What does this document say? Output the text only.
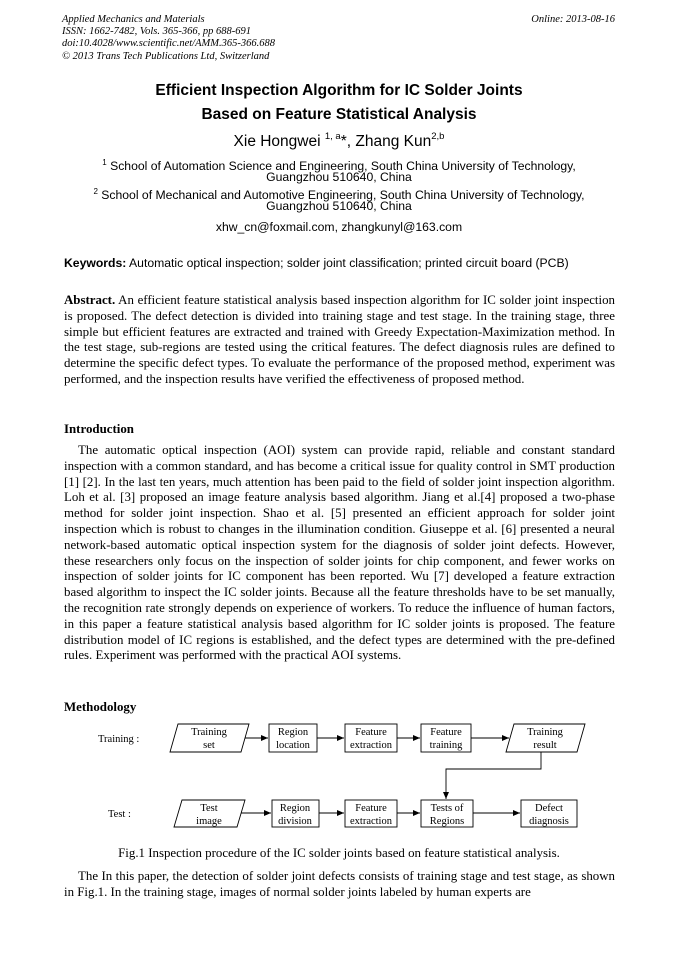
Applied Mechanics and Materials
ISSN: 1662-7482, Vols. 365-366, pp 688-691
doi:10.4028/www.scientific.net/AMM.365-366.688
© 2013 Trans Tech Publications Ltd, Switzerland
Online: 2013-08-16
Efficient Inspection Algorithm for IC Solder Joints
Based on Feature Statistical Analysis
Xie Hongwei $^{1, a}$*, Zhang Kun$^{2,b}$
$^1$ School of Automation Science and Engineering, South China University of Technology,
Guangzhou 510640, China
$^2$ School of Mechanical and Automotive Engineering, South China University of Technology,
Guangzhou 510640, China
xhw_cn@foxmail.com, zhangkunyl@163.com
Keywords: Automatic optical inspection; solder joint classification; printed circuit board (PCB)
Abstract. An efficient feature statistical analysis based inspection algorithm for IC solder joint inspection is proposed. The defect detection is divided into training stage and test stage. In the training stage, three simple but efficient features are extracted and trained with Greedy Expectation-Maximization method. In the test stage, sub-regions are tested using the critical features. The defect diagnosis rules are defined to determine the specific defect types. To evaluate the performance of the proposed method, experiment was performed, and the inspection results have verified the effectiveness of proposed method.
Introduction
The automatic optical inspection (AOI) system can provide rapid, reliable and constant standard inspection with a common standard, and has become a critical issue for quality control in SMT production [1] [2]. In the last ten years, much attention has been paid to the field of solder joint inspection algorithm. Loh et al. [3] proposed an image feature analysis based algorithm. Jiang et al.[4] proposed a two-phase method for solder joint inspection. Shao et al. [5] presented an efficient approach for solder joint inspection which is robust to changes in the illumination condition. Giuseppe et al. [6] presented a neural network-based automatic optical inspection system for the diagnosis of solder joint defects. However, these researchers only focus on the inspection of solder joints for chip component, and fewer works on inspection of solder joints for IC component has been reported. Wu [7] developed a feature extraction based algorithm to inspect the IC solder joints. Because all the feature thresholds have to be set manually, the recognition rate strongly depends on experience of workers. To reduce the influence of human factors, in this paper a feature statistical analysis based algorithm for IC solder joints is proposed. The feature distribution model of IC regions is established, and the defect types are determined with the pre-defined rules. Experiment was performed with the practical AOI systems.
Methodology
Training :
Test :
Training
set
Region
location
Feature
extraction
Feature
training
Training
result
Test
image
Region
division
Feature
extraction
Tests of
Regions
Defect
diagnosis
Fig.1 Inspection procedure of the IC solder joints based on feature statistical analysis.
The In this paper, the detection of solder joint defects consists of training stage and test stage, as shown in Fig.1. In the training stage, images of normal solder joints labeled by human experts are
